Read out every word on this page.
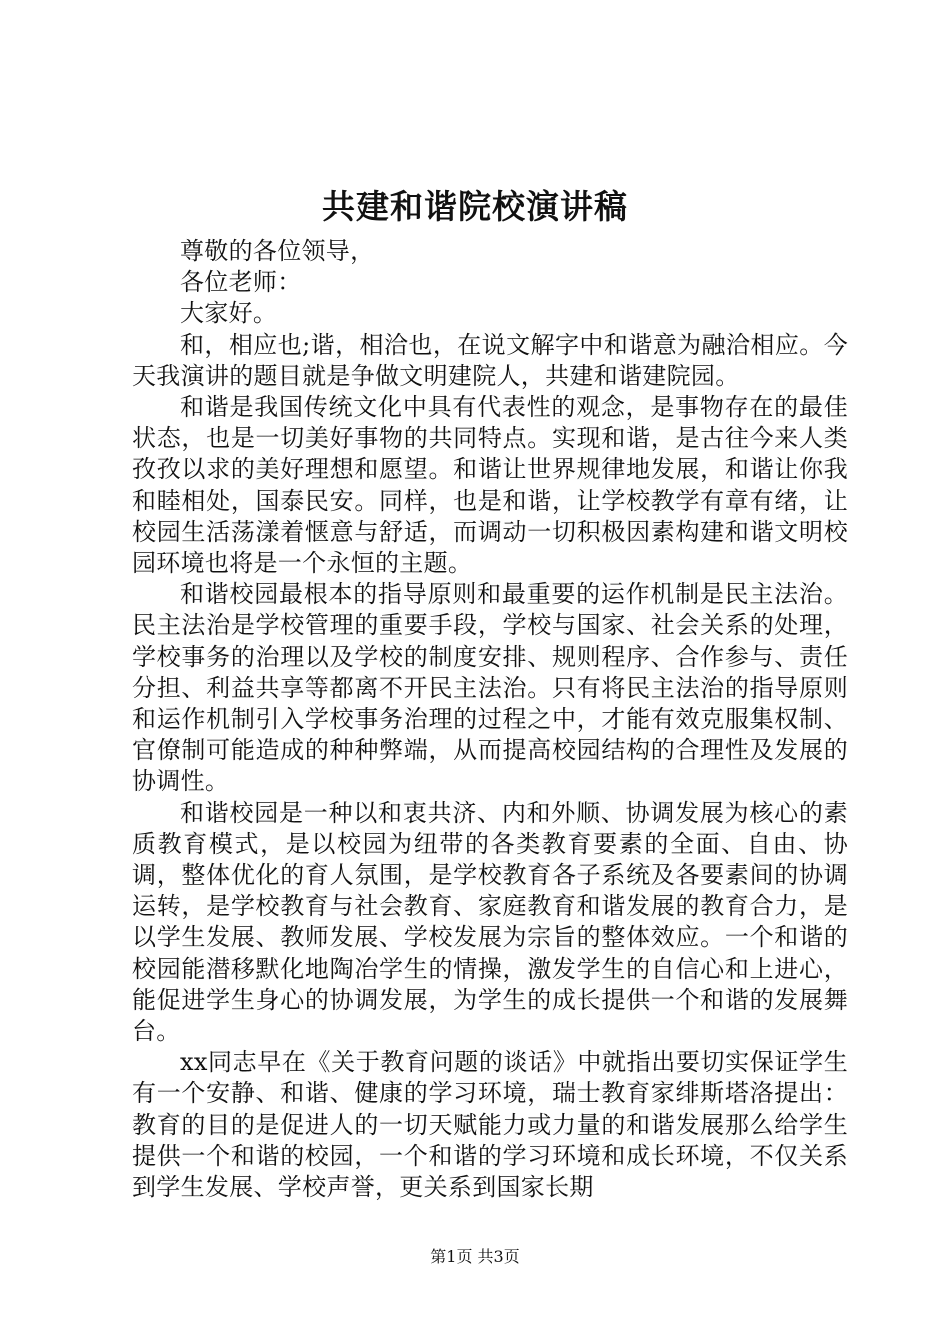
共建和谐院校演讲稿

尊敬的各位领导，

各位老师：

大家好。

和，相应也;谐，相洽也，在说文解字中和谐意为融洽相应。今天我演讲的题目就是争做文明建院人，共建和谐建院园。

和谐是我国传统文化中具有代表性的观念，是事物存在的最佳状态，也是一切美好事物的共同特点。实现和谐，是古往今来人类孜孜以求的美好理想和愿望。和谐让世界规律地发展，和谐让你我和睦相处，国泰民安。同样，也是和谐，让学校教学有章有绪，让校园生活荡漾着惬意与舒适，而调动一切积极因素构建和谐文明校园环境也将是一个永恒的主题。

和谐校园最根本的指导原则和最重要的运作机制是民主法治。民主法治是学校管理的重要手段，学校与国家、社会关系的处理，学校事务的治理以及学校的制度安排、规则程序、合作参与、责任分担、利益共享等都离不开民主法治。只有将民主法治的指导原则和运作机制引入学校事务治理的过程之中，才能有效克服集权制、官僚制可能造成的种种弊端，从而提高校园结构的合理性及发展的协调性。

和谐校园是一种以和衷共济、内和外顺、协调发展为核心的素质教育模式，是以校园为纽带的各类教育要素的全面、自由、协调，整体优化的育人氛围，是学校教育各子系统及各要素间的协调运转，是学校教育与社会教育、家庭教育和谐发展的教育合力，是以学生发展、教师发展、学校发展为宗旨的整体效应。一个和谐的校园能潜移默化地陶冶学生的情操，激发学生的自信心和上进心，能促进学生身心的协调发展，为学生的成长提供一个和谐的发展舞台。

xx同志早在《关于教育问题的谈话》中就指出要切实保证学生有一个安静、和谐、健康的学习环境，瑞士教育家绯斯塔洛提出：教育的目的是促进人的一切天赋能力或力量的和谐发展那么给学生提供一个和谐的校园，一个和谐的学习环境和成长环境，不仅关系到学生发展、学校声誉，更关系到国家长期

第1页 共3页
